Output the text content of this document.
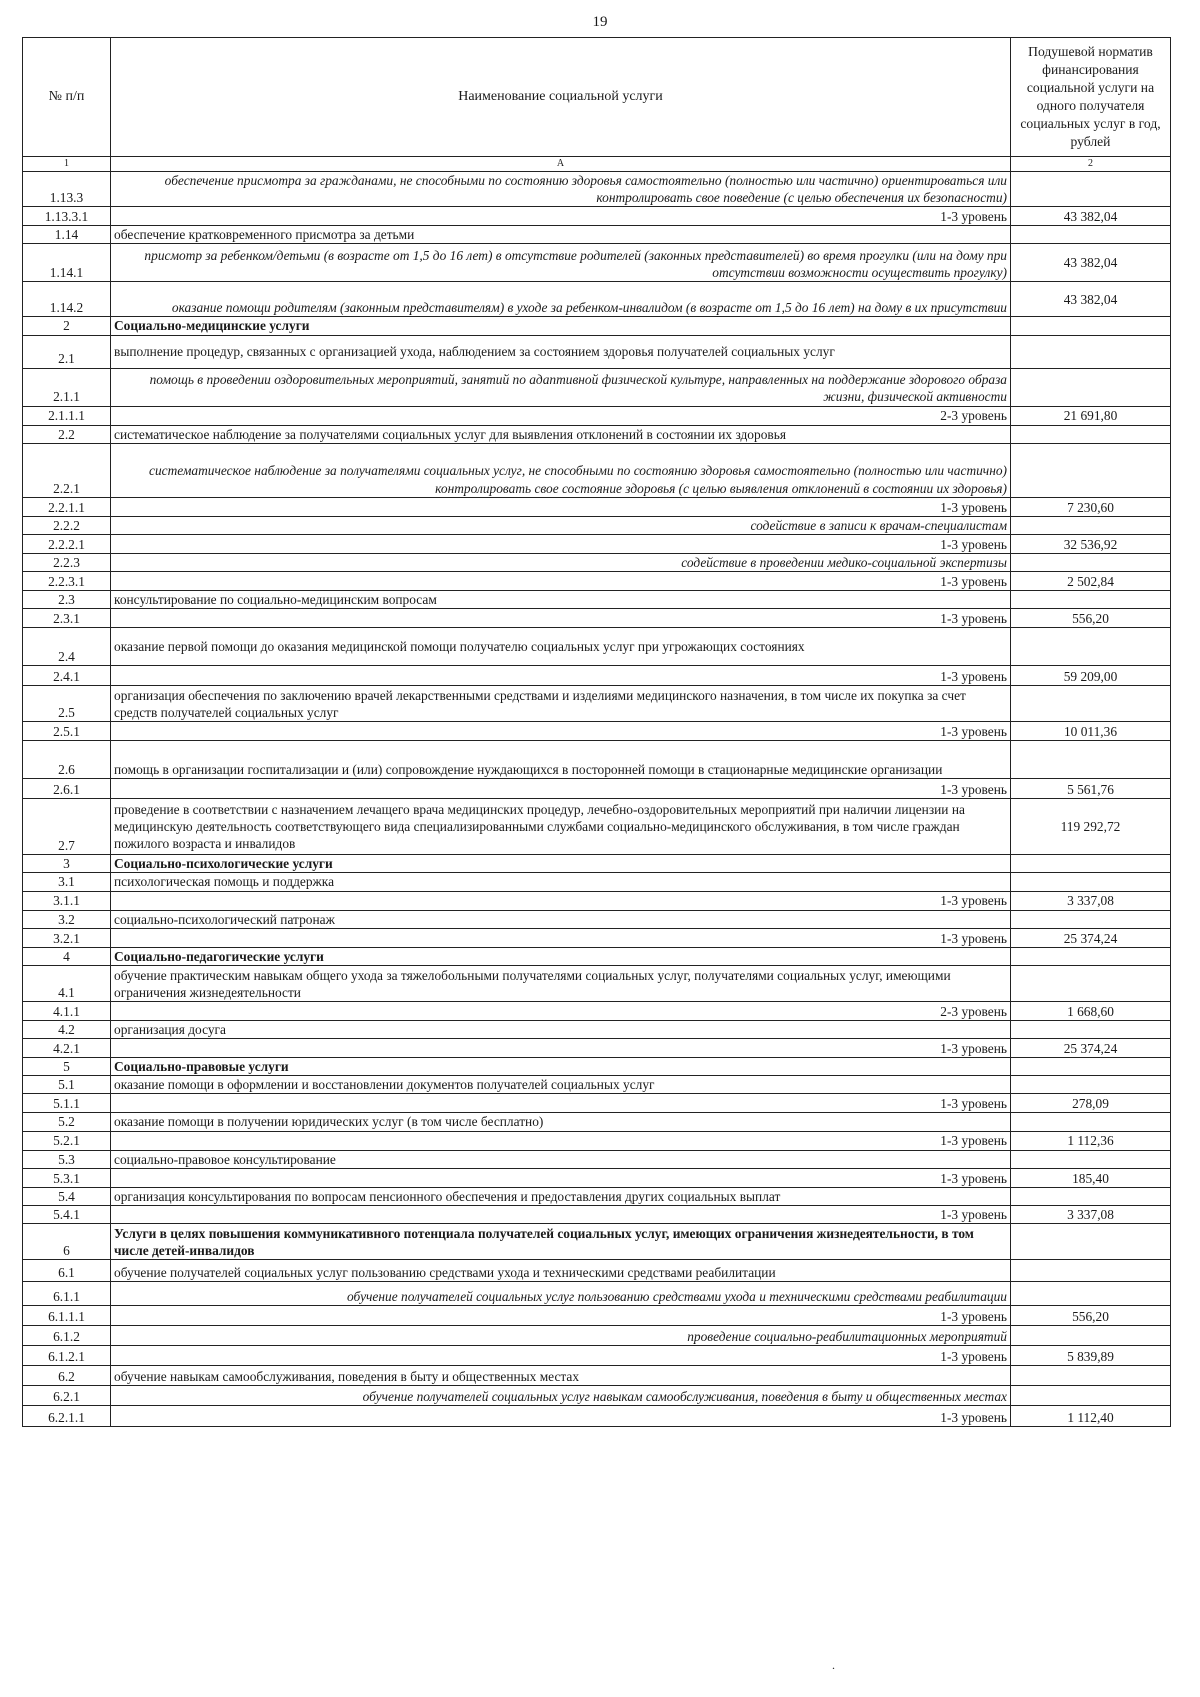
19
№ п/п	Наименование социальной услуги	Подушевой норматив финансирования социальной услуги на одного получателя социальных услуг в год, рублей
1	А	2
1.13.3	обеспечение присмотра за гражданами, не способными по состоянию здоровья самостоятельно (полностью или частично) ориентироваться или контролировать свое поведение (с целью обеспечения их безопасности)	
1.13.3.1	1-3 уровень	43 382,04
1.14	обеспечение кратковременного присмотра за детьми	
1.14.1	присмотр за ребенком/детьми (в возрасте от 1,5 до 16 лет) в отсутствие родителей (законных представителей) во время прогулки (или на дому при отсутствии возможности осуществить прогулку)	43 382,04
1.14.2	оказание помощи родителям (законным представителям) в уходе за ребенком-инвалидом (в возрасте от 1,5 до 16 лет) на дому в их присутствии	43 382,04
2	Социально-медицинские услуги	
2.1	выполнение процедур, связанных с организацией ухода, наблюдением за состоянием здоровья получателей социальных услуг	
2.1.1	помощь в проведении оздоровительных мероприятий, занятий по адаптивной физической культуре, направленных на поддержание здорового образа жизни, физической активности	
2.1.1.1	2-3 уровень	21 691,80
2.2	систематическое наблюдение за получателями социальных услуг для выявления отклонений в состоянии их здоровья	
2.2.1	систематическое наблюдение за получателями социальных услуг, не способными по состоянию здоровья самостоятельно (полностью или частично) контролировать свое состояние здоровья (с целью выявления отклонений в состоянии их здоровья)	
2.2.1.1	1-3 уровень	7 230,60
2.2.2	содействие в записи к врачам-специалистам	
2.2.2.1	1-3 уровень	32 536,92
2.2.3	содействие в проведении медико-социальной экспертизы	
2.2.3.1	1-3 уровень	2 502,84
2.3	консультирование по социально-медицинским вопросам	
2.3.1	1-3 уровень	556,20
2.4	оказание первой помощи до оказания медицинской помощи получателю социальных услуг при угрожающих состояниях	
2.4.1	1-3 уровень	59 209,00
2.5	организация обеспечения по заключению врачей лекарственными средствами и изделиями медицинского назначения, в том числе их покупка за счет средств получателей социальных услуг	
2.5.1	1-3 уровень	10 011,36
2.6	помощь в организации госпитализации и (или) сопровождение нуждающихся в посторонней помощи в стационарные медицинские организации	
2.6.1	1-3 уровень	5 561,76
2.7	проведение в соответствии с назначением лечащего врача медицинских процедур, лечебно-оздоровительных мероприятий при наличии лицензии на медицинскую деятельность соответствующего вида специализированными службами социально-медицинского обслуживания, в том числе граждан пожилого возраста и инвалидов	119 292,72
3	Социально-психологические услуги	
3.1	психологическая помощь и поддержка	
3.1.1	1-3 уровень	3 337,08
3.2	социально-психологический патронаж	
3.2.1	1-3 уровень	25 374,24
4	Социально-педагогические услуги	
4.1	обучение практическим навыкам общего ухода за тяжелобольными получателями социальных услуг, получателями социальных услуг, имеющими ограничения жизнедеятельности	
4.1.1	2-3 уровень	1 668,60
4.2	организация досуга	
4.2.1	1-3 уровень	25 374,24
5	Социально-правовые услуги	
5.1	оказание помощи в оформлении и восстановлении документов получателей социальных услуг	
5.1.1	1-3 уровень	278,09
5.2	оказание помощи в получении юридических услуг (в том числе бесплатно)	
5.2.1	1-3 уровень	1 112,36
5.3	социально-правовое консультирование	
5.3.1	1-3 уровень	185,40
5.4	организация консультирования по вопросам пенсионного обеспечения и предоставления других социальных выплат	
5.4.1	1-3 уровень	3 337,08
6	Услуги в целях повышения коммуникативного потенциала получателей социальных услуг, имеющих ограничения жизнедеятельности, в том числе детей-инвалидов	
6.1	обучение получателей социальных услуг пользованию средствами ухода и техническими средствами реабилитации	
6.1.1	обучение получателей социальных услуг пользованию средствами ухода и техническими средствами реабилитации	
6.1.1.1	1-3 уровень	556,20
6.1.2	проведение социально-реабилитационных мероприятий	
6.1.2.1	1-3 уровень	5 839,89
6.2	обучение навыкам самообслуживания, поведения в быту и общественных местах	
6.2.1	обучение получателей социальных услуг навыкам самообслуживания, поведения в быту и общественных местах	
6.2.1.1	1-3 уровень	1 112,40
.
